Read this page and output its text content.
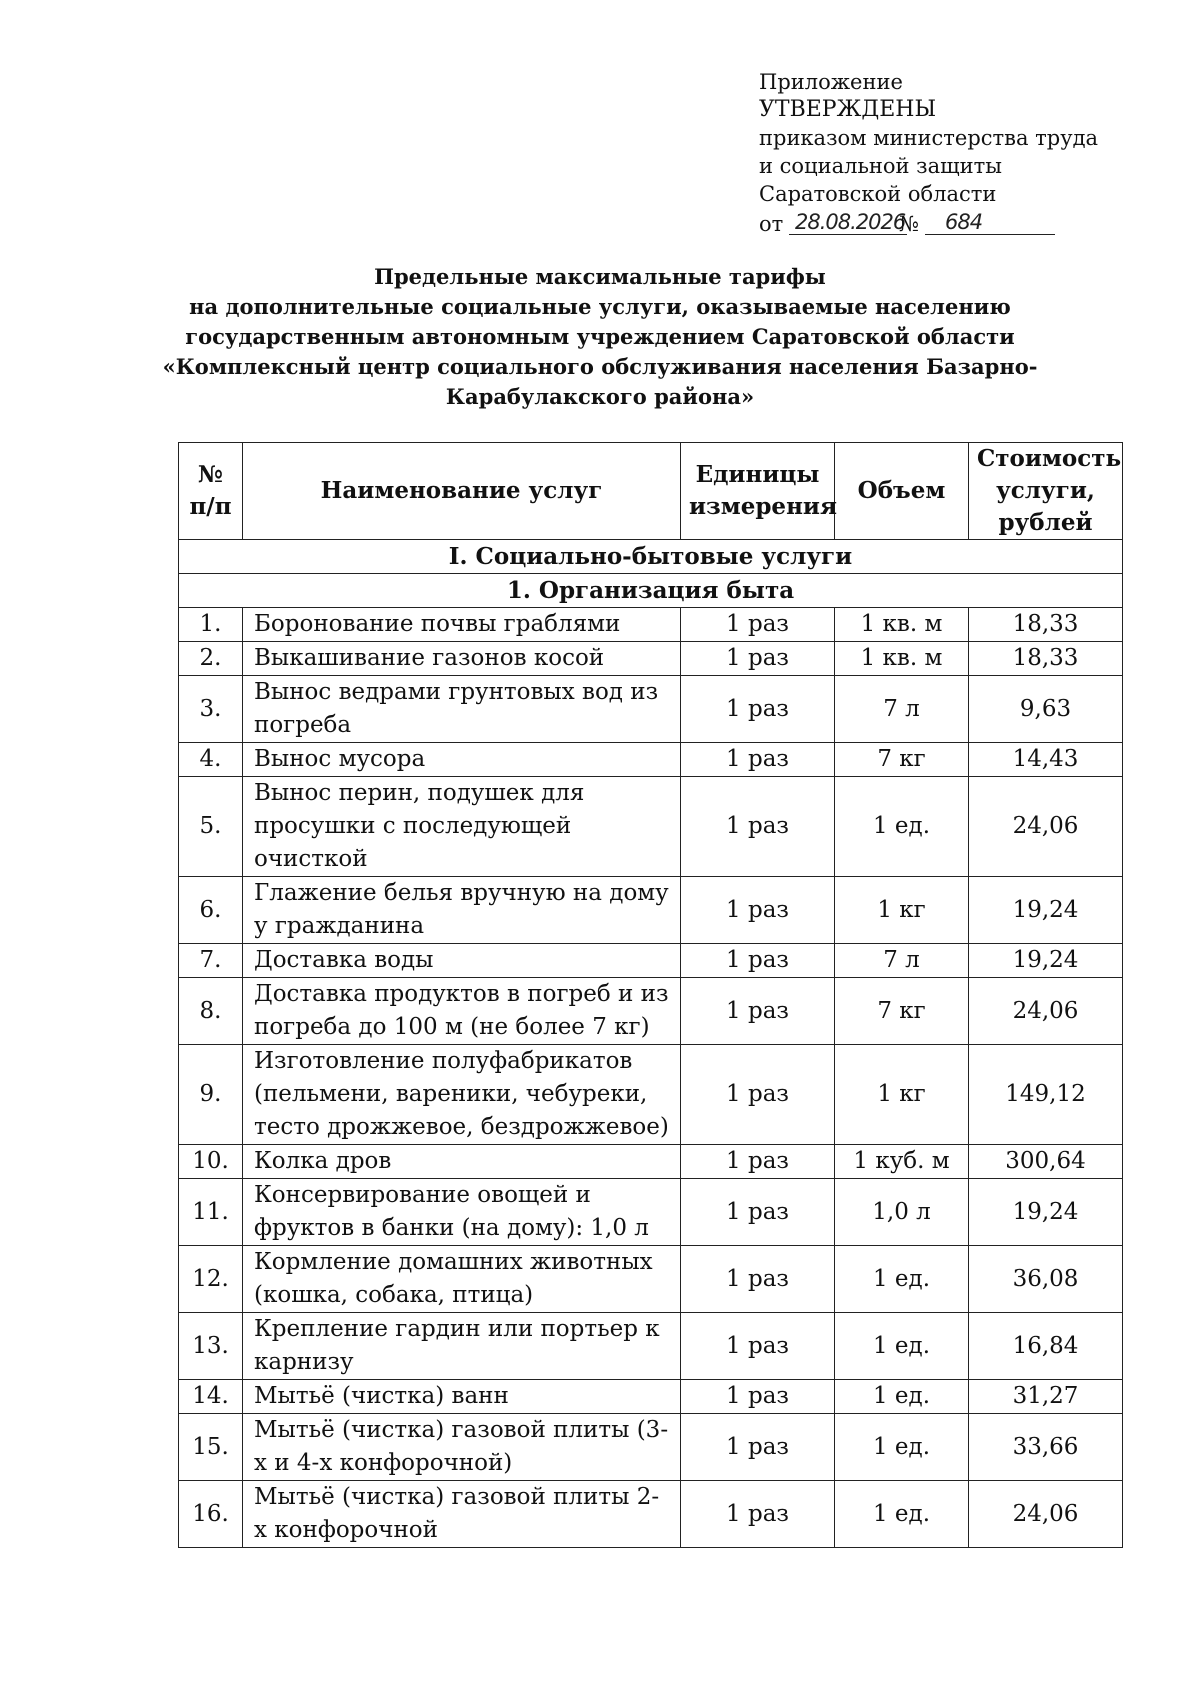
Приложение
УТВЕРЖДЕНЫ
приказом министерства труда
и социальной защиты
Саратовской области
от 28.08.2026
№ 684
Предельные максимальные тарифы
на дополнительные социальные услуги, оказываемые населению
государственным автономным учреждением Саратовской области
«Комплексный центр социального обслуживания населения Базарно-
Карабулакского района»
№ п/п	Наименование услуг	Единицы измерения	Объем	Стоимость услуги, рублей
I. Социально-бытовые услуги				
1. Организация быта				
1.	Боронование почвы граблями	1 раз	1 кв. м	18,33
2.	Выкашивание газонов косой	1 раз	1 кв. м	18,33
3.	Вынос ведрами грунтовых вод из погреба	1 раз	7 л	9,63
4.	Вынос мусора	1 раз	7 кг	14,43
5.	Вынос перин, подушек для просушки с последующей очисткой	1 раз	1 ед.	24,06
6.	Глажение белья вручную на дому у гражданина	1 раз	1 кг	19,24
7.	Доставка воды	1 раз	7 л	19,24
8.	Доставка продуктов в погреб и из погреба до 100 м (не более 7 кг)	1 раз	7 кг	24,06
9.	Изготовление полуфабрикатов (пельмени, вареники, чебуреки, тесто дрожжевое, бездрожжевое)	1 раз	1 кг	149,12
10.	Колка дров	1 раз	1 куб. м	300,64
11.	Консервирование овощей и фруктов в банки (на дому): 1,0 л	1 раз	1,0 л	19,24
12.	Кормление домашних животных (кошка, собака, птица)	1 раз	1 ед.	36,08
13.	Крепление гардин или портьер к карнизу	1 раз	1 ед.	16,84
14.	Мытьё (чистка) ванн	1 раз	1 ед.	31,27
15.	Мытьё (чистка) газовой плиты (3-х и 4-х конфорочной)	1 раз	1 ед.	33,66
16.	Мытьё (чистка) газовой плиты 2-х конфорочной	1 раз	1 ед.	24,06
